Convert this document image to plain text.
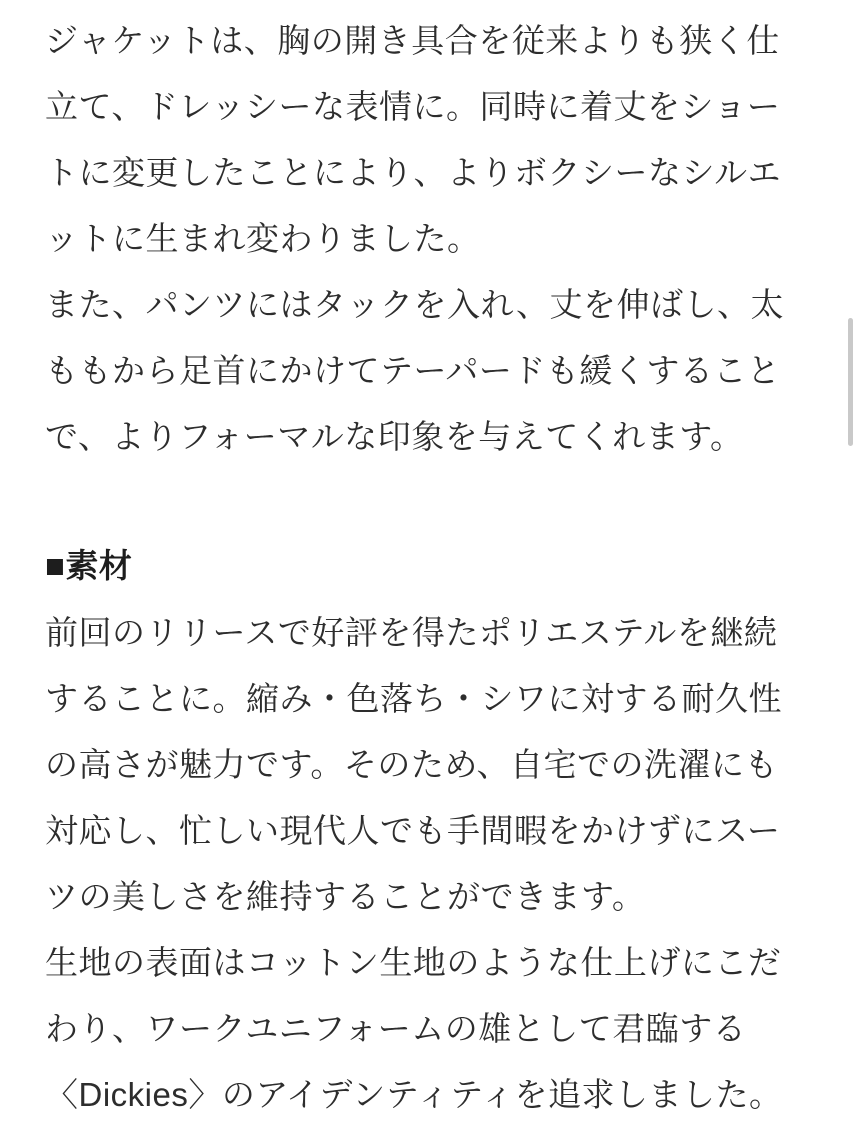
ジャケットは、胸の開き具合を従来よりも狭く仕立て、ドレッシーな表情に。同時に着丈をショートに変更したことにより、よりボクシーなシルエットに生まれ変わりました。

また、パンツにはタックを入れ、丈を伸ばし、太ももから足首にかけてテーパードも緩くすることで、よりフォーマルな印象を与えてくれます。

■素材

前回のリリースで好評を得たポリエステルを継続することに。縮み・色落ち・シワに対する耐久性の高さが魅力です。そのため、自宅での洗濯にも対応し、忙しい現代人でも手間暇をかけずにスーツの美しさを維持することができます。

生地の表面はコットン生地のような仕上げにこだわり、ワークユニフォームの雄として君臨する〈Dickies〉のアイデンティティを追求しました。
